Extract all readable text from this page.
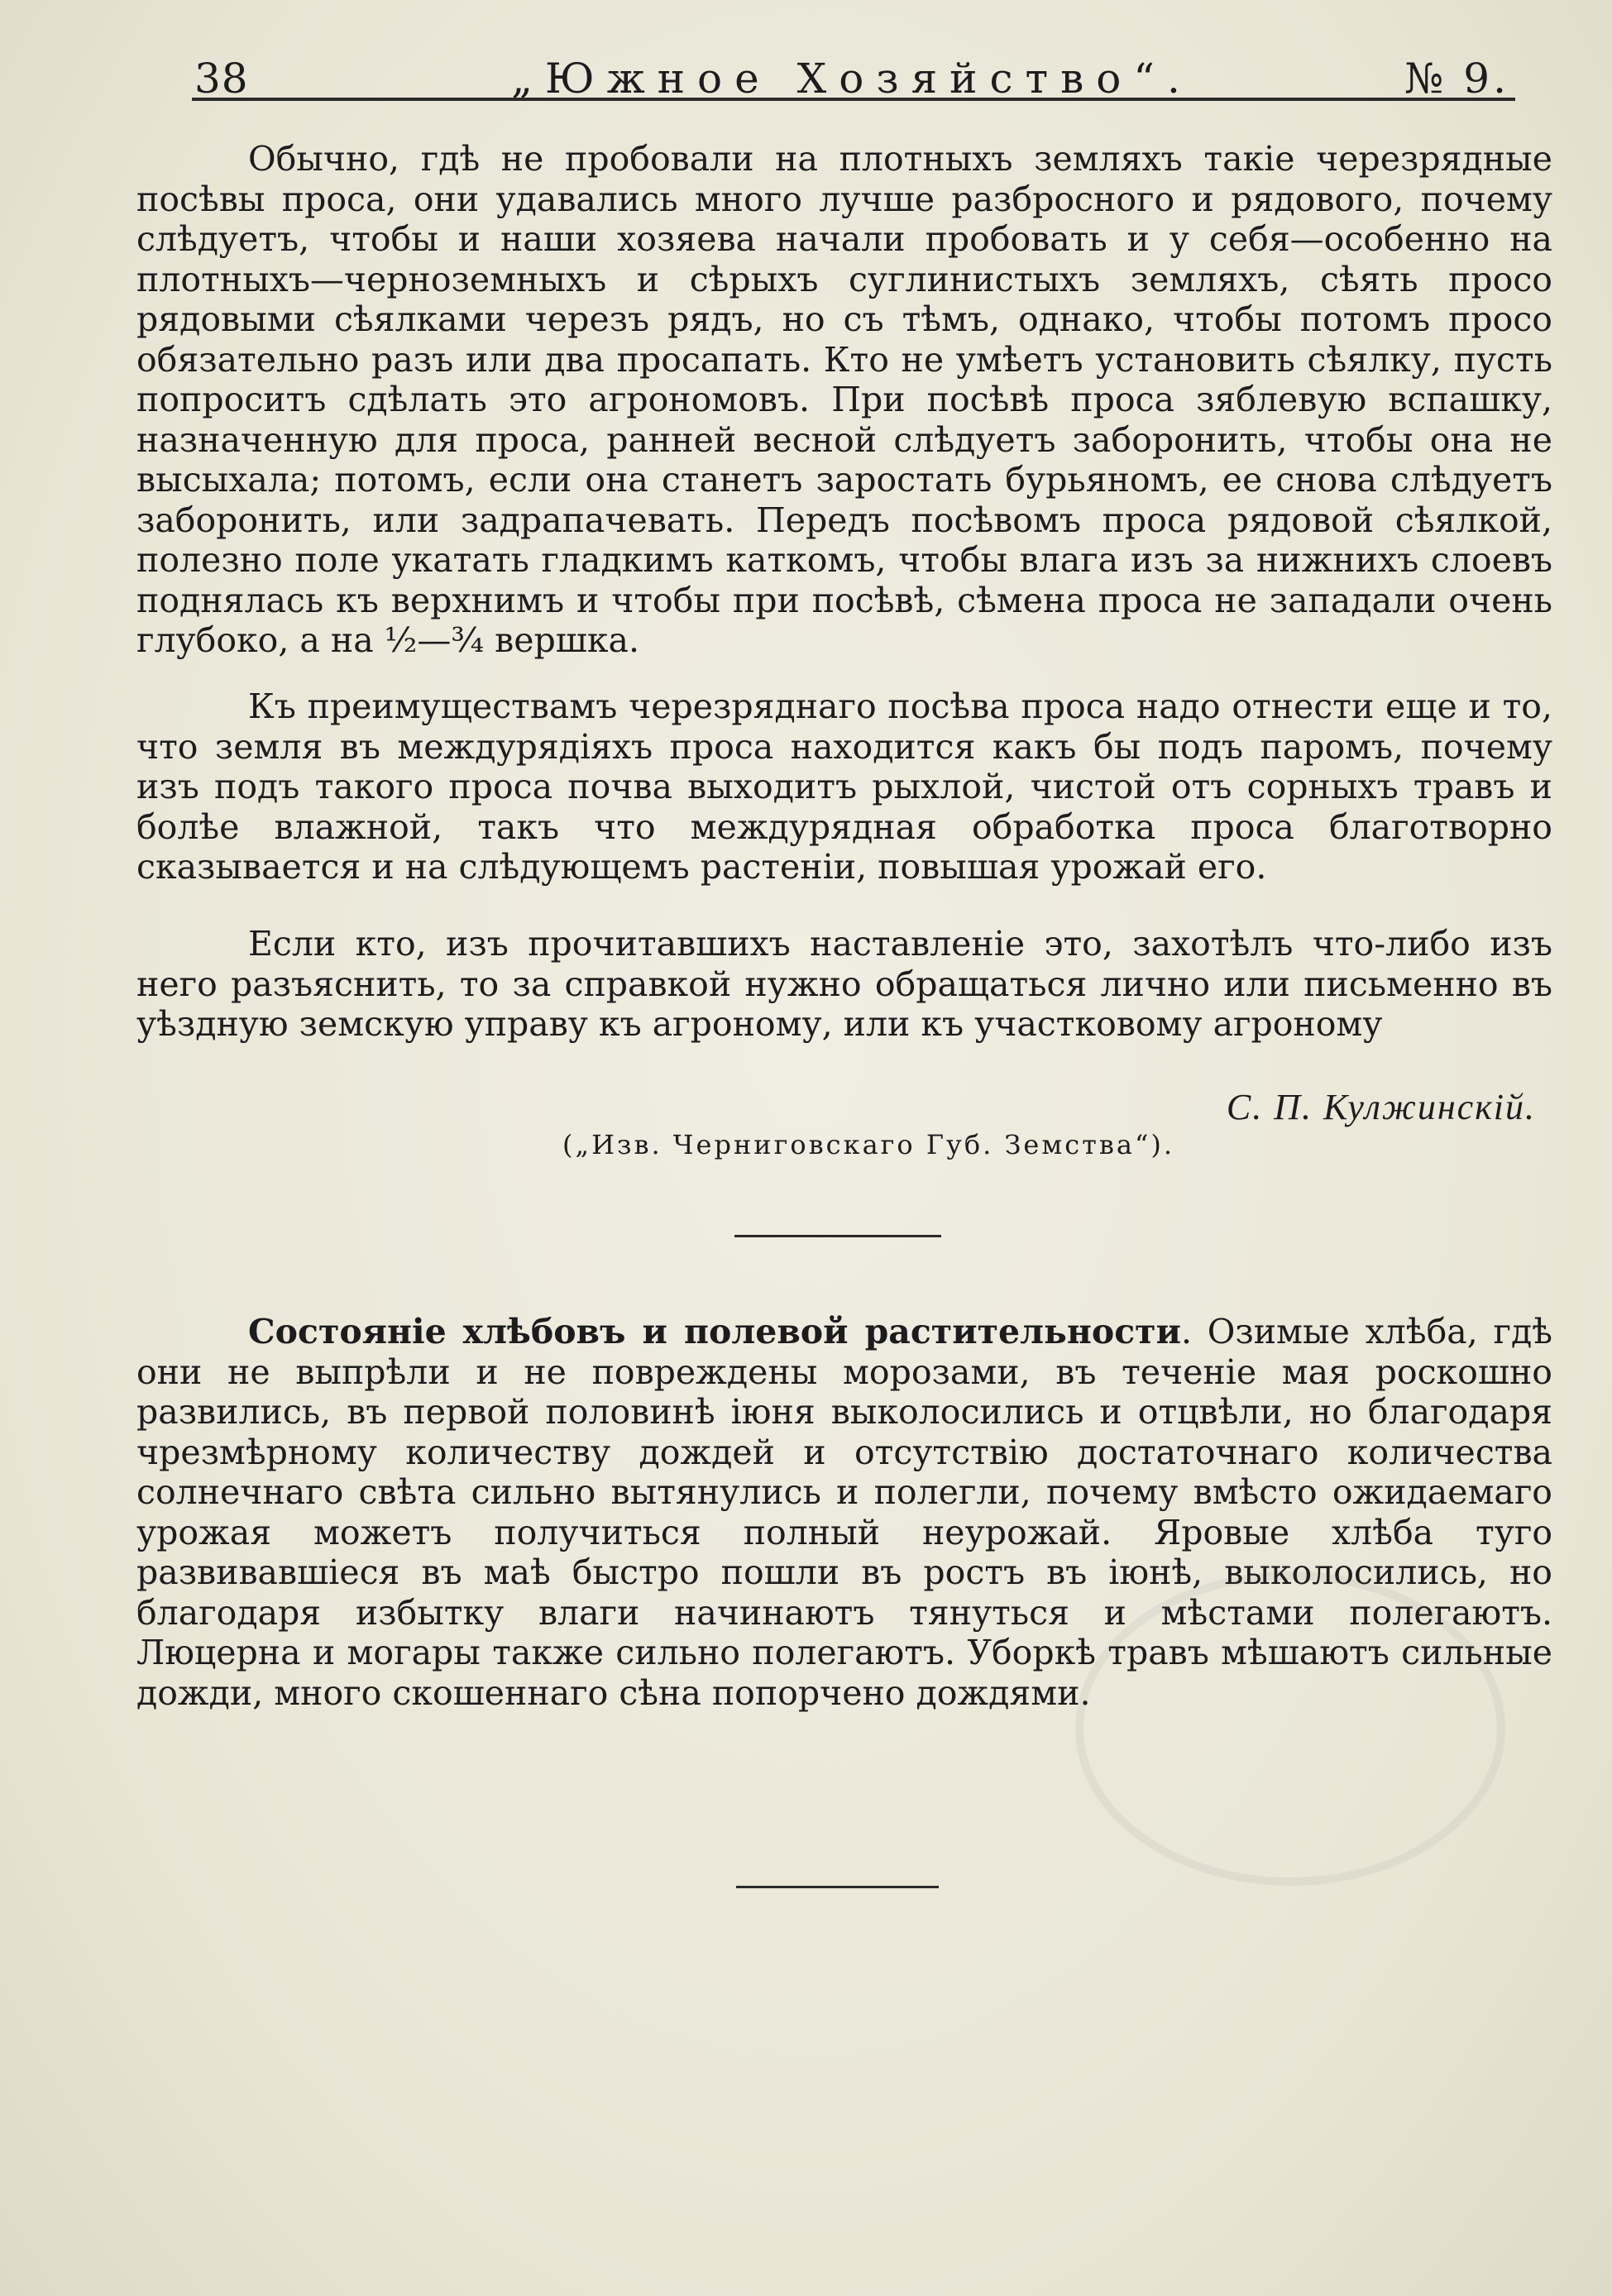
38	„Южное Хозяйство“.	№ 9.

Обычно, гдѣ не пробовали на плотныхъ земляхъ такіе черезрядные посѣвы проса, они удавались много лучше разбросного и рядового, почему слѣдуетъ, чтобы и наши хозяева начали пробовать и у себя—особенно на плотныхъ—черноземныхъ и сѣрыхъ суглинистыхъ земляхъ, сѣять просо рядовыми сѣялками черезъ рядъ, но съ тѣмъ, однако, чтобы потомъ просо обязательно разъ или два просапать. Кто не умѣетъ установить сѣялку, пусть попроситъ сдѣлать это агрономовъ. При посѣвѣ проса зяблевую вспашку, назначенную для проса, ранней весной слѣдуетъ заборонить, чтобы она не высыхала; потомъ, если она станетъ заростать бурьяномъ, ее снова слѣдуетъ заборонить, или задрапачевать. Передъ посѣвомъ проса рядовой сѣялкой, полезно поле укатать гладкимъ каткомъ, чтобы влага изъ за нижнихъ слоевъ поднялась къ верхнимъ и чтобы при посѣвѣ, сѣмена проса не западали очень глубоко, а на ½—¾ вершка.

Къ преимуществамъ черезряднаго посѣва проса надо отнести еще и то, что земля въ междурядіяхъ проса находится какъ бы подъ паромъ, почему изъ подъ такого проса почва выходитъ рыхлой, чистой отъ сорныхъ травъ и болѣе влажной, такъ что междурядная обработка проса благотворно сказывается и на слѣдующемъ растеніи, повышая урожай его.

Если кто, изъ прочитавшихъ наставленіе это, захотѣлъ что-либо изъ него разъяснить, то за справкой нужно обращаться лично или письменно въ уѣздную земскую управу къ агроному, или къ участковому агроному

С. П. Кулжинскій.
(„Изв. Черниговскаго Губ. Земства“).

Состояніе хлѣбовъ и полевой растительности. Озимые хлѣба, гдѣ они не выпрѣли и не повреждены морозами, въ теченіе мая роскошно развились, въ первой половинѣ іюня выколосились и отцвѣли, но благодаря чрезмѣрному количеству дождей и отсутствію достаточнаго количества солнечнаго свѣта сильно вытянулись и полегли, почему вмѣсто ожидаемаго урожая можетъ получиться полный неурожай. Яровые хлѣба туго развивавшіеся въ маѣ быстро пошли въ ростъ въ іюнѣ, выколосились, но благодаря избытку влаги начинаютъ тянуться и мѣстами полегаютъ. Люцерна и могары также сильно полегаютъ. Уборкѣ травъ мѣшаютъ сильные дожди, много скошеннаго сѣна попорчено дождями.
